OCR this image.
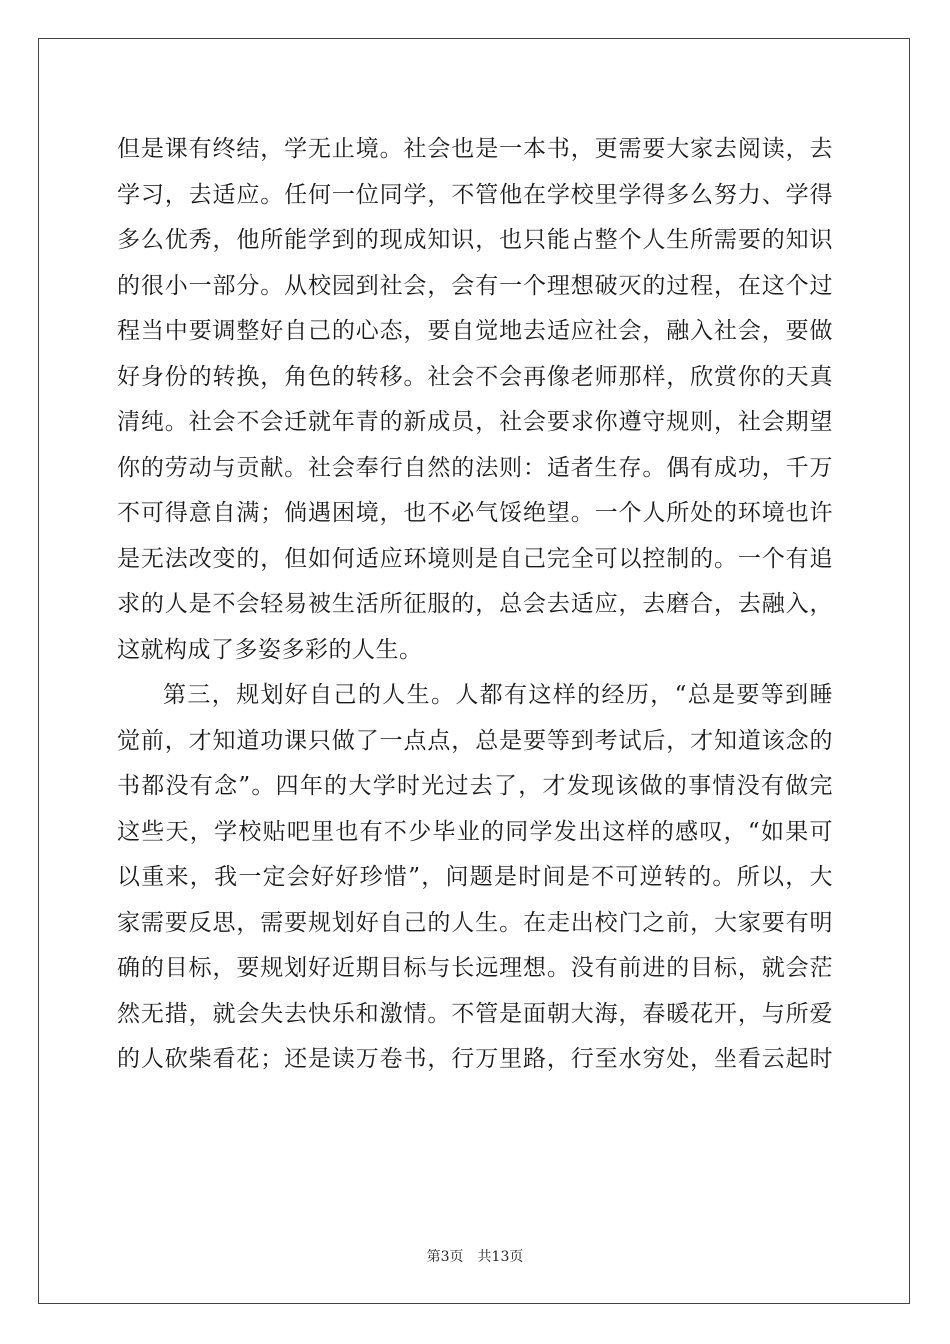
但是课有终结，学无止境。社会也是一本书，更需要大家去阅读，去
学习，去适应。任何一位同学，不管他在学校里学得多么努力、学得
多么优秀，他所能学到的现成知识，也只能占整个人生所需要的知识
的很小一部分。从校园到社会，会有一个理想破灭的过程，在这个过
程当中要调整好自己的心态，要自觉地去适应社会，融入社会，要做
好身份的转换，角色的转移。社会不会再像老师那样，欣赏你的天真
清纯。社会不会迁就年青的新成员，社会要求你遵守规则，社会期望
你的劳动与贡献。社会奉行自然的法则：适者生存。偶有成功，千万
不可得意自满；倘遇困境，也不必气馁绝望。一个人所处的环境也许
是无法改变的，但如何适应环境则是自己完全可以控制的。一个有追
求的人是不会轻易被生活所征服的，总会去适应，去磨合，去融入，
这就构成了多姿多彩的人生。
第三，规划好自己的人生。人都有这样的经历，“总是要等到睡
觉前，才知道功课只做了一点点，总是要等到考试后，才知道该念的
书都没有念”。四年的大学时光过去了，才发现该做的事情没有做完
这些天，学校贴吧里也有不少毕业的同学发出这样的感叹，“如果可
以重来，我一定会好好珍惜”，问题是时间是不可逆转的。所以，大
家需要反思，需要规划好自己的人生。在走出校门之前，大家要有明
确的目标，要规划好近期目标与长远理想。没有前进的目标，就会茫
然无措，就会失去快乐和激情。不管是面朝大海，春暖花开，与所爱
的人砍柴看花；还是读万卷书，行万里路，行至水穷处，坐看云起时
第3页 共13页
